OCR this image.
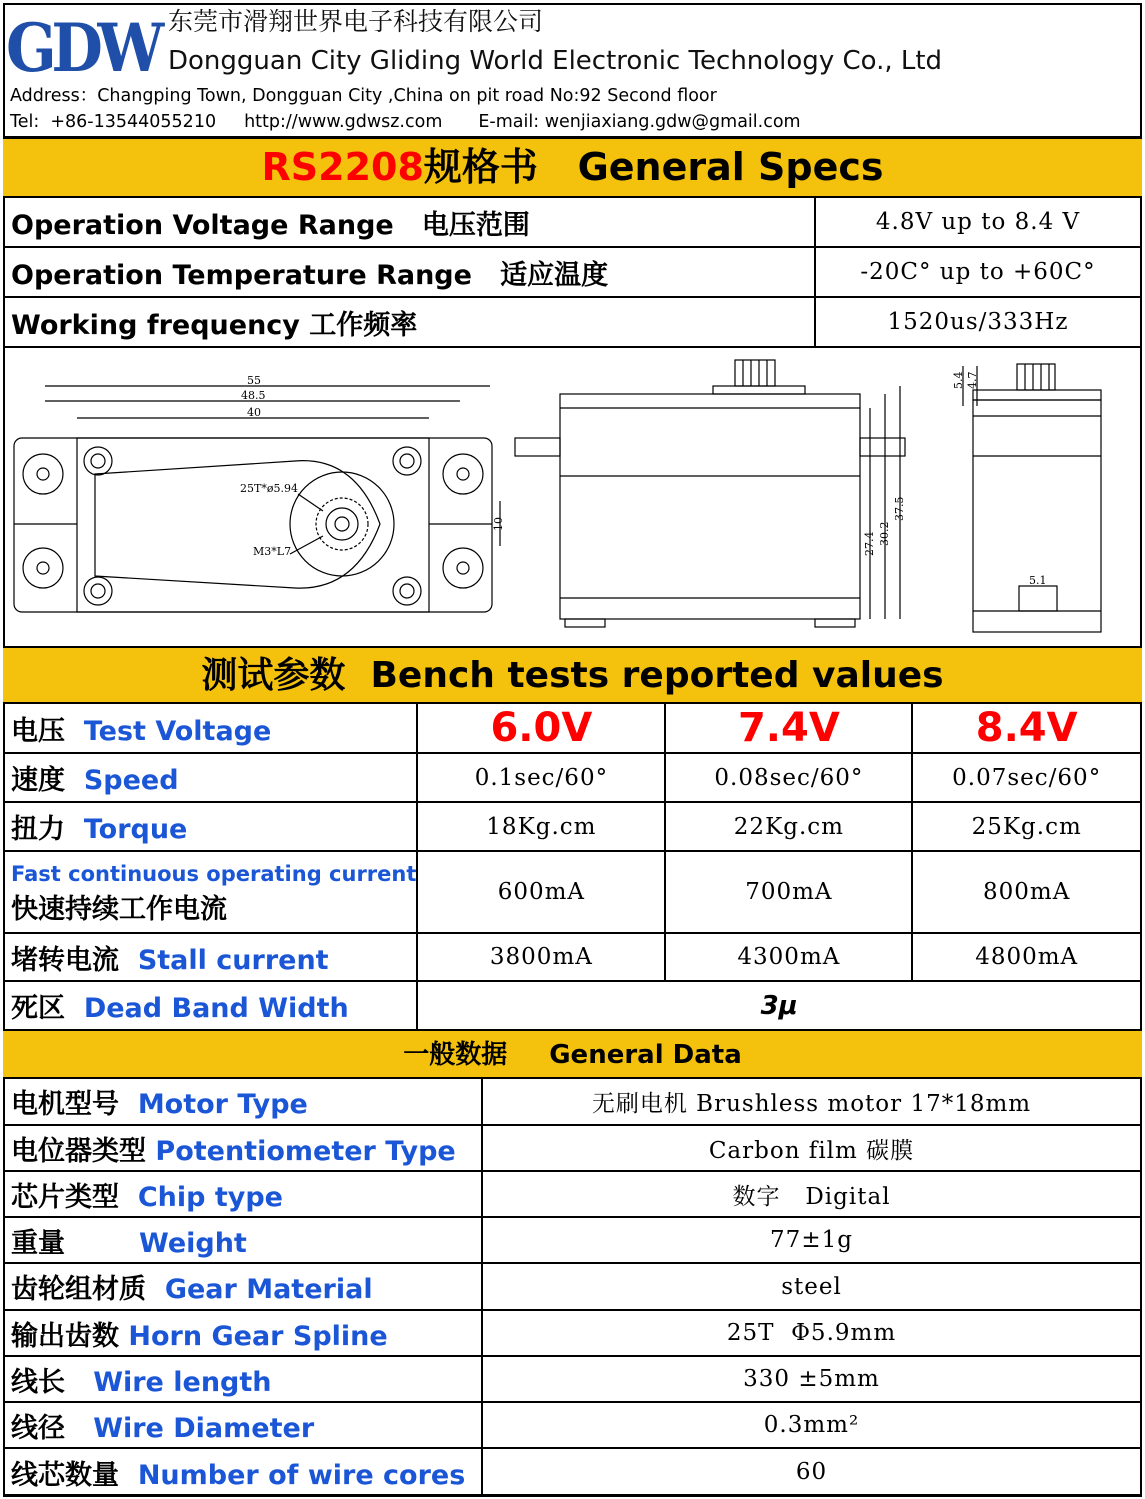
GDW 东莞市滑翔世界电子科技有限公司
Dongguan City Gliding World Electronic Technology Co., Ltd
Address：Changping Town, Dongguan City ,China on pit road No:92 Second floor
Tel:  +86-13544055210 http://www.gdwsz.com E-mail: wenjiaxiang.gdw@gmail.com
RS2208规格书   General Specs
Operation Voltage Range   电压范围	4.8V up to 8.4 V
Operation Temperature Range   适应温度	-20C° up to +60C°
Working frequency 工作频率	1520us/333Hz
55
48.5
40
25T*ø5.94
M3*L7
10
27.4 30.2
37.5
5.4 4.7
5.1
测试参数  Bench tests reported values
电压 Test Voltage	6.0V	7.4V	8.4V
速度 Speed	0.1sec/60°	0.08sec/60°	0.07sec/60°
扭力 Torque	18Kg.cm	22Kg.cm	25Kg.cm

Fast continuous operating current
快速持续工作电流	600mA	700mA	800mA
堵转电流 Stall current	3800mA	4300mA	4800mA
死区 Dead Band Width	3μ		
一般数据 General Data
电机型号 Motor Type	无刷电机 Brushless motor 17*18mm
电位器类型 Potentiometer Type	Carbon film 碳膜
芯片类型 Chip type	数字   Digital
重量 Weight	77±1g
齿轮组材质 Gear Material	steel
输出齿数 Horn Gear Spline	25T  Φ5.9mm
线长 Wire length	330 ±5mm
线径 Wire Diameter	0.3mm²
线芯数量 Number of wire cores	60
